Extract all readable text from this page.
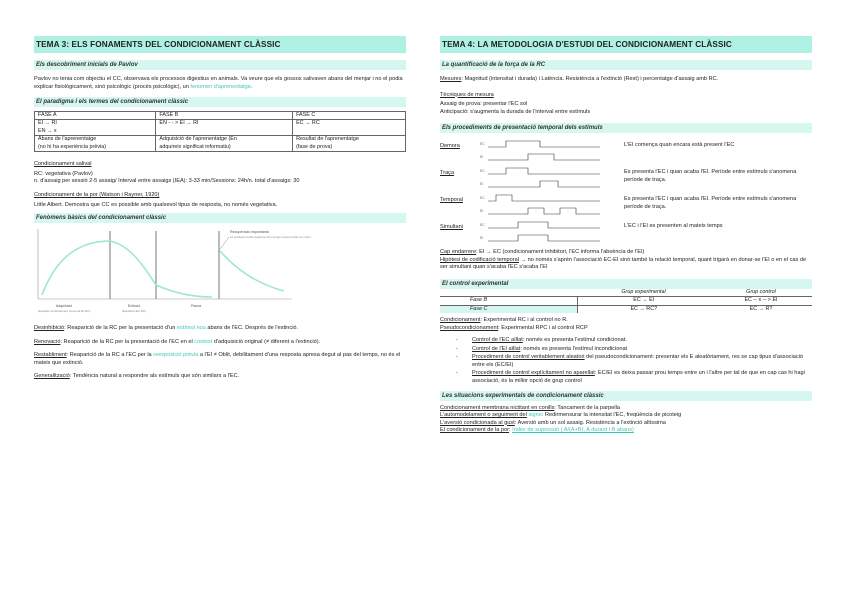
TEMA 3: ELS FONAMENTS DEL CONDICIONAMENT CLÀSSIC
Els descobriment inicials de Pavlov
Pavlov no tenia com objectiu el CC, observava els processos digestius en animals. Va veure que els gossos salivaven abans del menjar i no el podia explicar fisiològicament, sinó psicològic (procés psicològic), un fenomen d'aprenentatge.
El paradigma i els termes del condicionament clàssic
FASE A	FASE B	FASE C
EI → RI	EN - - > EI → RI	EC → RC
EN → x		
Abans de l'aprenentatge	Adquisició de l'aprenentatge (En	Resultat de l'aprenentatge
(no hi ha experiència prèvia)	adquireix significat informatiu)	(fase de prova)
Condicionament salival
RC: vegetativa (Pavlov)
n. d'assaig per sessió 2-5 assaig/ Interval entre assaigs (IEA): 3-33 min/Sessions: 24h/n. total d'assaigs: 30
Condicionament de la por (Watson i Rayner, 1920)
Little Albert. Demostra que CC es possible amb qualsevol tipus de resposta, no només vegetativa.
Fenòmens bàsics del condicionament clàssic
Recuperació espontània
es produeix la RC després d'un temps sense trobar-se el EC
Adquisició
(aparells combinament provocat EI-RC)
Extinció
(Establert EC-RC)
Pausa
Desinhibició: Reaparició de la RC per la presentació d'un estímul nou abans de l'EC. Després de l'extinció.
Renovació: Reaparició de la RC per la presentació de l'EC en el context d'adquisició original (≠ diferent a l'extinció).
Restabliment: Reaparició de la RC a l'EC per la reexposició prèvia a l'EI ≠ Oblit, debilitament d'una resposta apresa degut al pas del temps, no és el mateix que extinció.
Generalització: Tendència natural a respondre als estímuls que són similars a l'EC.
TEMA 4: LA METODOLOGIA D'ESTUDI DEL CONDICIONAMENT CLÀSSIC
La quantificació de la força de la RC
Mesures: Magnitud (intensitat i durada) i Latència. Resistència a l'extinció (Rext) i percentatge d'assaig amb RC.
Tècniques de mesura
Assaig de prova: presentar l'EC sol
Anticipació: s'augmenta la durada de l'interval entre estímuls
Els procediments de presentació temporal dels estímuls
Demora	EC
EI
L'EI comença quan encara està present l'EC
Traça	EC
EI
Es presenta l'EC i quan acaba l'EI. Període entre estímuls s'anomena període de traça.
Temporal	EC
EI
Es presenta l'EC i quan acaba l'EI. Període entre estímuls s'anomena període de traça.
Simultani	EC
EI
L'EC i l'EI es presenten al mateix temps
Cap endarrere: EI → EC (condicionament inhibitori, l'EC informa l'absència de l'EI)
Hipòtesi de codificació temporal → no només s'aprèn l'associació EC-EI sinó també la relació temporal, quant trigarà en donar-se l'EI o en el cas de ser simultani quan s'acaba l'EC s'acaba l'EI
El control experimental
	Grup experimental	Grup control
Fase B	EC → EI	EC -- x -- > EI
Fase C	EC → RC?	EC → R?
Condicionament: Experimental RC i al control no R.
Pseudocondicionament: Experimental RPC i al control RCP
- Control de l'EC aïllat: només es presenta l'estímul condicionat.
- Control de l'EI aïllat: només es presenta l'estímul incondicionat
- Procediment de control veritablement aleatori del pseudocondicionament: presentar els E aleatòriament, res se cap tipus d'associació entre els (EC/EI)
- Procediment de control explícitament no aparellat: EC/EI es deixa passar prou temps entre un i l'altre per tal de que en cap cas hi hagi associació, és la millor opció de grup control
Les situacions experimentals de condicionament clàssic
Condicionament membrana nictitant en conills: Tancament de la parpella
L'automodelament o seguiment del signe: Redirmensurar la intensitat l'EC, freqüència de picoteig
L'aversió condicionada al gust: Aversió amb un sol assaig. Resistència a l'extinció altíssima
El condicionament de la por: índex de supressió ( A/(A+B), A durant i B abans)
